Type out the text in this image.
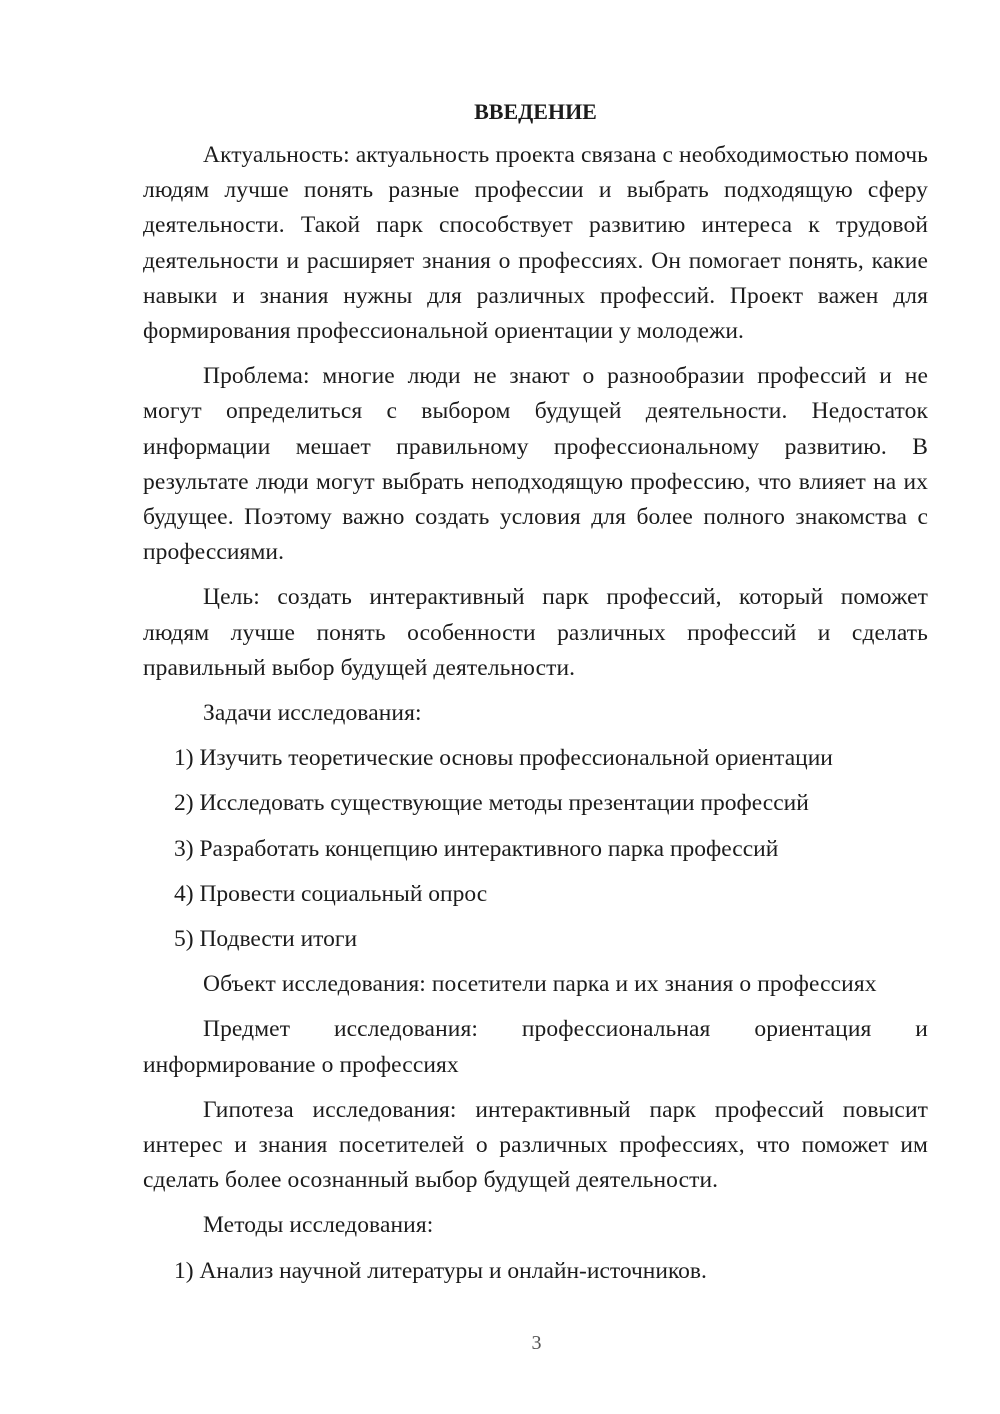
ВВЕДЕНИЕ

Актуальность: актуальность проекта связана с необходимостью помочь людям лучше понять разные профессии и выбрать подходящую сферу деятельности. Такой парк способствует развитию интереса к трудовой деятельности и расширяет знания о профессиях. Он помогает понять, какие навыки и знания нужны для различных профессий. Проект важен для формирования профессиональной ориентации у молодежи.

Проблема: многие люди не знают о разнообразии профессий и не могут определиться с выбором будущей деятельности. Недостаток информации мешает правильному профессиональному развитию. В результате люди могут выбрать неподходящую профессию, что влияет на их будущее. Поэтому важно создать условия для более полного знакомства с профессиями.

Цель: создать интерактивный парк профессий, который поможет людям лучше понять особенности различных профессий и сделать правильный выбор будущей деятельности.

Задачи исследования:

1) Изучить теоретические основы профессиональной ориентации
2) Исследовать существующие методы презентации профессий
3) Разработать концепцию интерактивного парка профессий
4) Провести социальный опрос
5) Подвести итоги

Объект исследования: посетители парка и их знания о профессиях

Предмет исследования: профессиональная ориентация и информирование о профессиях

Гипотеза исследования: интерактивный парк профессий повысит интерес и знания посетителей о различных профессиях, что поможет им сделать более осознанный выбор будущей деятельности.

Методы исследования:

1) Анализ научной литературы и онлайн-источников.
3
